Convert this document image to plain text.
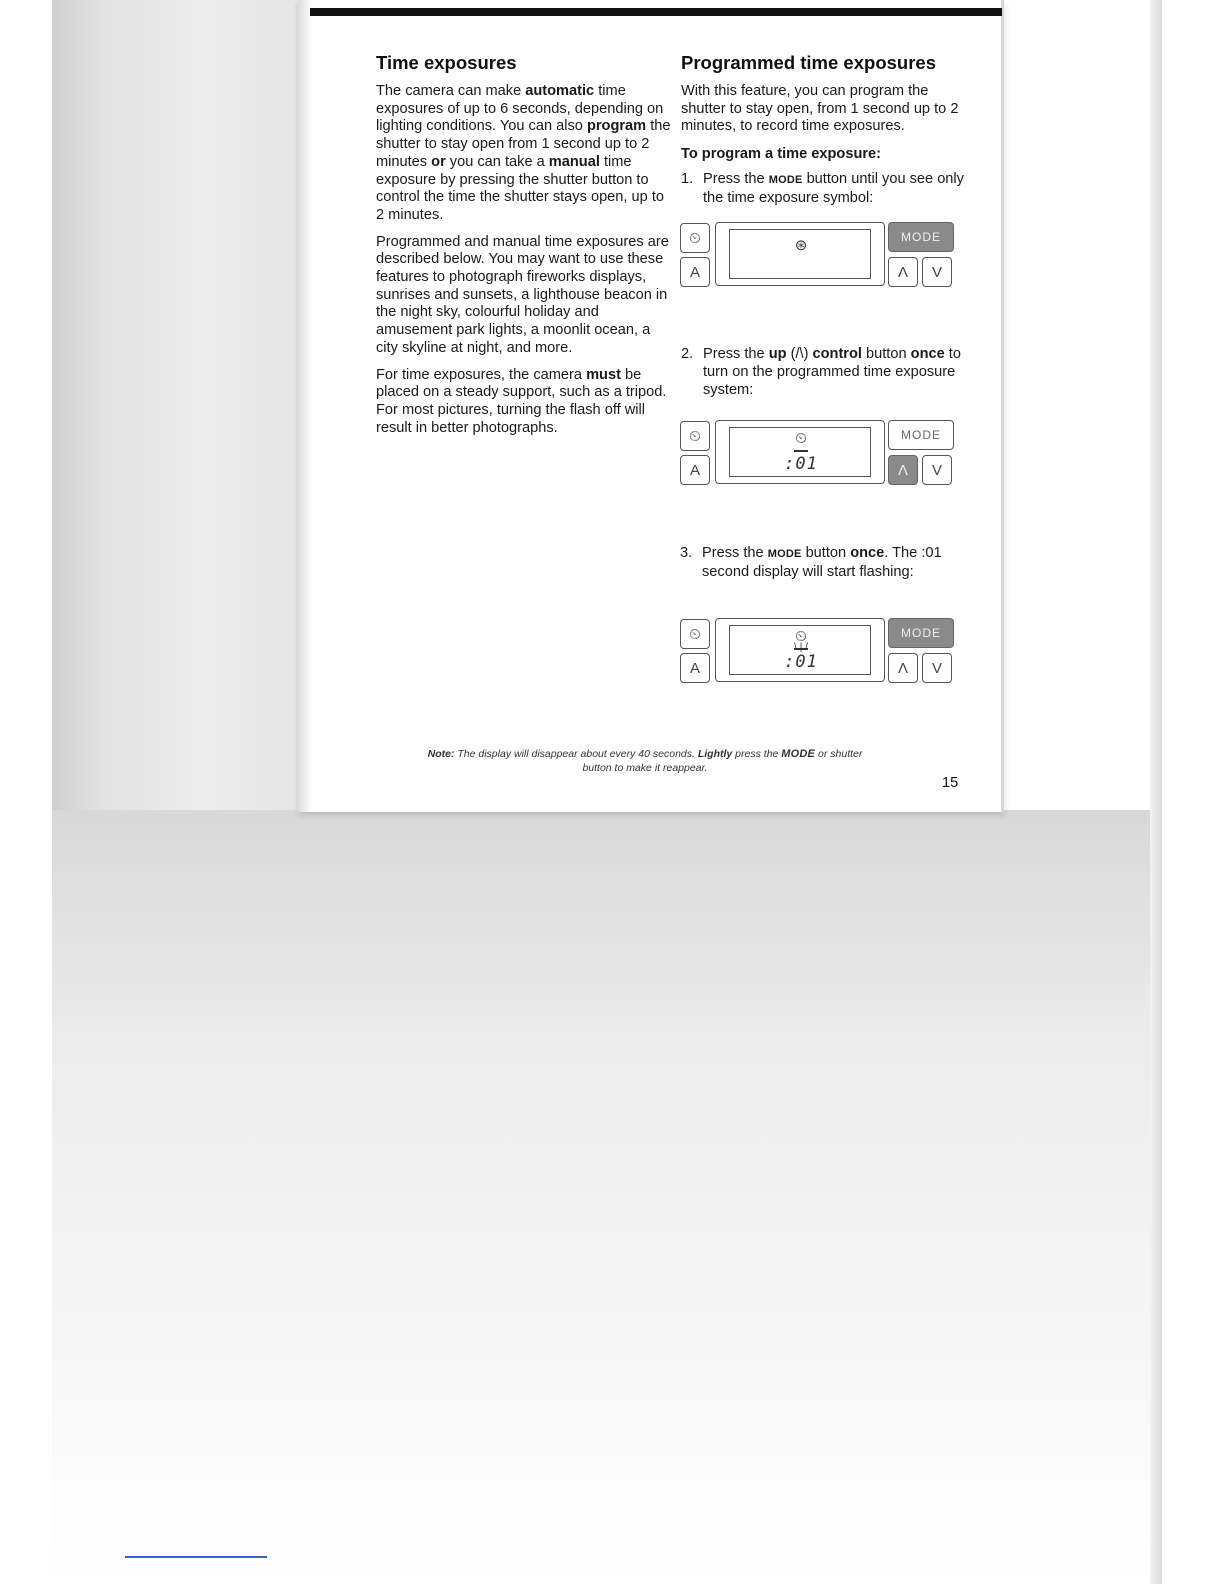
Time exposures

The camera can make automatic time exposures of up to 6 seconds, depending on lighting conditions. You can also program the shutter to stay open from 1 second up to 2 minutes or you can take a manual time exposure by pressing the shutter button to control the time the shutter stays open, up to 2 minutes.

Programmed and manual time exposures are described below. You may want to use these features to photograph fireworks displays, sunrises and sunsets, a lighthouse beacon in the night sky, colourful holiday and amusement park lights, a moonlit ocean, a city skyline at night, and more.

For time exposures, the camera must be placed on a steady support, such as a tripod. For most pictures, turning the flash off will result in better photographs.

Programmed time exposures

With this feature, you can program the shutter to stay open, from 1 second up to 2 minutes, to record time exposures.

To program a time exposure:

1. Press the MODE button until you see only the time exposure symbol:
2. Press the up (/\) control button once to turn on the programmed time exposure system:
3. Press the MODE button once. The :01 second display will start flashing:
⏲
A
⊛	MODE
Λ	V
⏲
A
⏲
:01
MODE
Λ	V
⏲
A
⏲
\ | /
:01
MODE
Λ	V
Note: The display will disappear about every 40 seconds. Lightly press the MODE or shutter button to make it reappear.
15
